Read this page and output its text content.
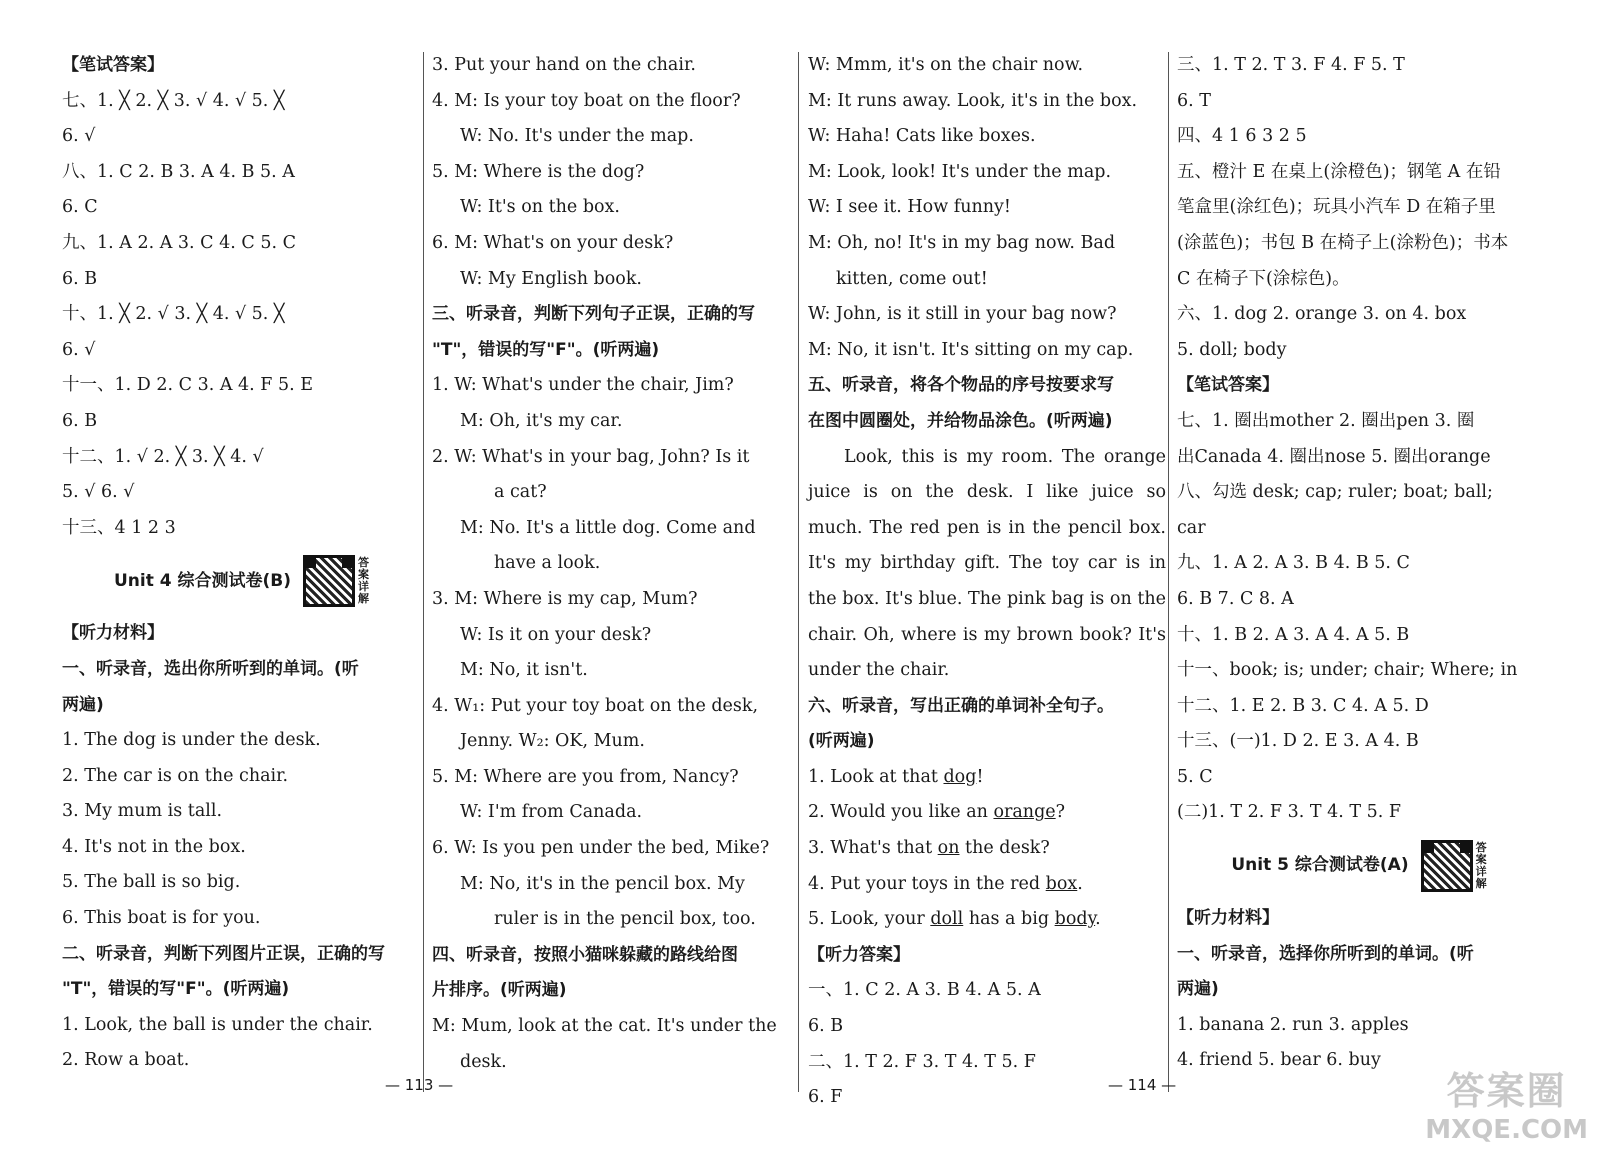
【笔试答案】
七、1. ╳ 2. ╳ 3. √ 4. √ 5. ╳
6. √
八、1. C 2. B 3. A 4. B 5. A
6. C
九、1. A 2. A 3. C 4. C 5. C
6. B
十、1. ╳ 2. √ 3. ╳ 4. √ 5. ╳
6. √
十一、1. D 2. C 3. A 4. F 5. E
6. B
十二、1. √ 2. ╳ 3. ╳ 4. √
5. √ 6. √
十三、4 1 2 3
Unit 4 综合测试卷(B)
答案详解
【听力材料】
一、听录音，选出你所听到的单词。(听
两遍)
1. The dog is under the desk.
2. The car is on the chair.
3. My mum is tall.
4. It's not in the box.
5. The ball is so big.
6. This boat is for you.
二、听录音，判断下列图片正误，正确的写
"T"，错误的写"F"。(听两遍)
1. Look, the ball is under the chair.
2. Row a boat.
3. Put your hand on the chair.
4. M: Is your toy boat on the floor?
W: No. It's under the map.
5. M: Where is the dog?
W: It's on the box.
6. M: What's on your desk?
W: My English book.
三、听录音，判断下列句子正误，正确的写
"T"，错误的写"F"。(听两遍)
1. W: What's under the chair, Jim?
M: Oh, it's my car.
2. W: What's in your bag, John? Is it
a cat?
M: No. It's a little dog. Come and
have a look.
3. M: Where is my cap, Mum?
W: Is it on your desk?
M: No, it isn't.
4. W₁: Put your toy boat on the desk,
Jenny. W₂: OK, Mum.
5. M: Where are you from, Nancy?
W: I'm from Canada.
6. W: Is you pen under the bed, Mike?
M: No, it's in the pencil box. My
ruler is in the pencil box, too.
四、听录音，按照小猫咪躲藏的路线给图
片排序。(听两遍)
M: Mum, look at the cat. It's under the
desk.
W: Mmm, it's on the chair now.
M: It runs away. Look, it's in the box.
W: Haha! Cats like boxes.
M: Look, look! It's under the map.
W: I see it. How funny!
M: Oh, no! It's in my bag now. Bad
kitten, come out!
W: John, is it still in your bag now?
M: No, it isn't. It's sitting on my cap.
五、听录音，将各个物品的序号按要求写
在图中圆圈处，并给物品涂色。(听两遍)
Look, this is my room. The orange juice is on the desk. I like juice so much. The red pen is in the pencil box. It's my birthday gift. The toy car is in the box. It's blue. The pink bag is on the chair. Oh, where is my brown book? It's under the chair.
六、听录音，写出正确的单词补全句子。
(听两遍)
1. Look at that dog!
2. Would you like an orange?
3. What's that on the desk?
4. Put your toys in the red box.
5. Look, your doll has a big body.
【听力答案】
一、1. C 2. A 3. B 4. A 5. A
6. B
二、1. T 2. F 3. T 4. T 5. F
6. F
三、1. T 2. T 3. F 4. F 5. T
6. T
四、4 1 6 3 2 5
五、橙汁 E 在桌上(涂橙色)；钢笔 A 在铅
笔盒里(涂红色)；玩具小汽车 D 在箱子里
(涂蓝色)；书包 B 在椅子上(涂粉色)；书本
C 在椅子下(涂棕色)。
六、1. dog 2. orange 3. on 4. box
5. doll; body
【笔试答案】
七、1. 圈出mother 2. 圈出pen 3. 圈
出Canada 4. 圈出nose 5. 圈出orange
八、勾选 desk; cap; ruler; boat; ball;
car
九、1. A 2. A 3. B 4. B 5. C
6. B 7. C 8. A
十、1. B 2. A 3. A 4. A 5. B
十一、book; is; under; chair; Where; in
十二、1. E 2. B 3. C 4. A 5. D
十三、(一)1. D 2. E 3. A 4. B
5. C
(二)1. T 2. F 3. T 4. T 5. F
Unit 5 综合测试卷(A)
答案详解
【听力材料】
一、听录音，选择你所听到的单词。(听
两遍)
1. banana 2. run 3. apples
4. friend 5. bear 6. buy
— 113 —	— 114 —	答案圈
MXQE.COM
